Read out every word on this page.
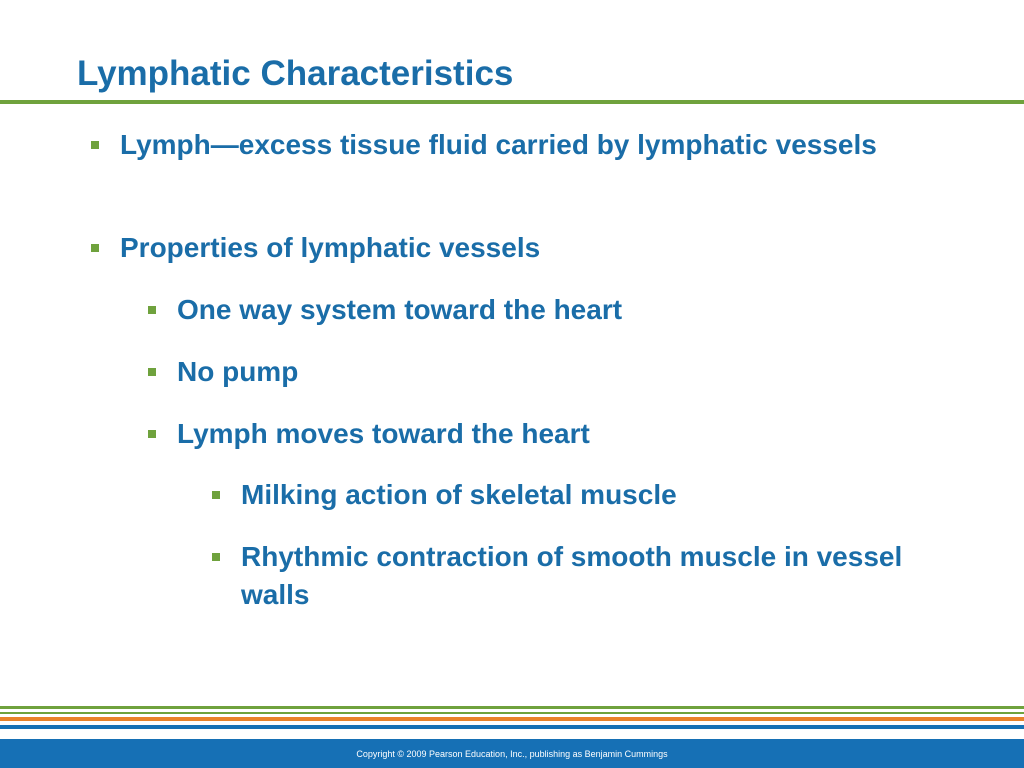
Lymphatic Characteristics
Lymph—excess tissue fluid carried by lymphatic vessels
Properties of lymphatic vessels
One way system toward the heart
No pump
Lymph moves toward the heart
Milking action of skeletal muscle
Rhythmic contraction of smooth muscle in vessel walls
Copyright © 2009 Pearson Education, Inc., publishing as Benjamin Cummings
